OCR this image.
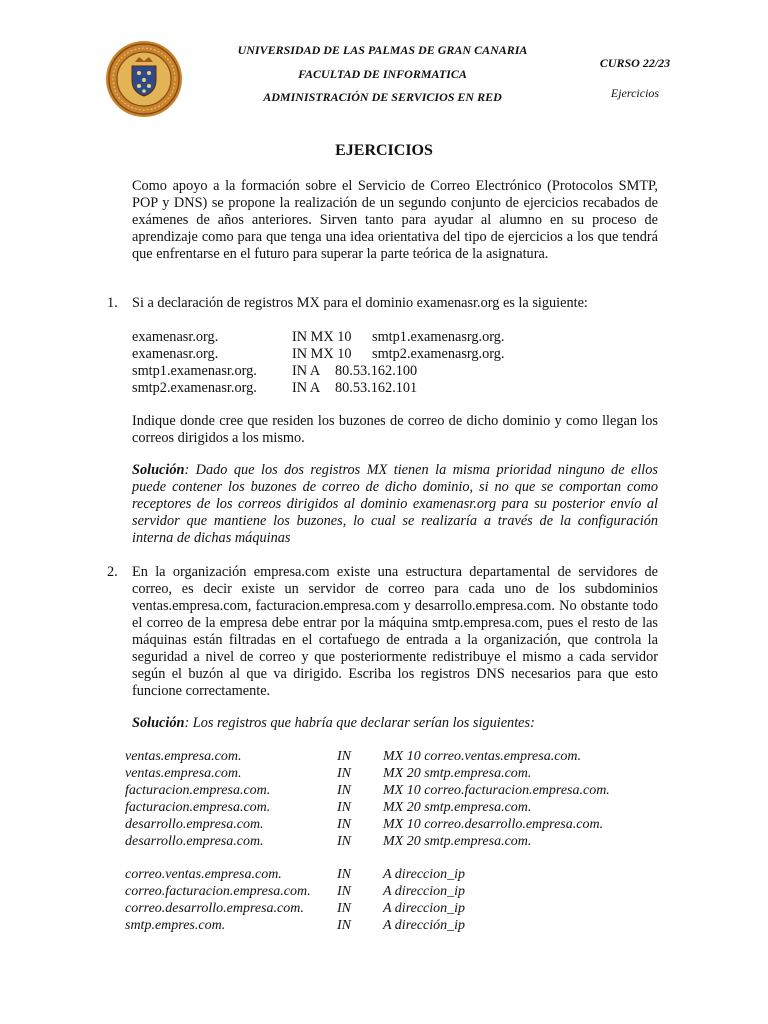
UNIVERSIDAD DE LAS PALMAS DE GRAN CANARIA
FACULTAD DE INFORMATICA
ADMINISTRACIÓN DE SERVICIOS EN RED
CURSO 22/23
Ejercicios
EJERCICIOS
Como apoyo a la formación sobre el Servicio de Correo Electrónico (Protocolos SMTP, POP y DNS) se propone la realización de un segundo conjunto de ejercicios recabados de exámenes de años anteriores. Sirven tanto para ayudar al alumno en su proceso de aprendizaje como para que tenga una idea orientativa del tipo de ejercicios a los que tendrá que enfrentarse en el futuro para superar la parte teórica de la asignatura.
1. Si a declaración de registros MX para el dominio examenasr.org es la siguiente:
examenasr.org.	IN MX 10 smtp1.examenasrg.org.
examenasr.org.	IN MX 10 smtp2.examenasrg.org.
smtp1.examenasr.org. IN A 80.53.162.100
smtp2.examenasr.org. IN A 80.53.162.101
Indique donde cree que residen los buzones de correo de dicho dominio y como llegan los correos dirigidos a los mismo.
Solución: Dado que los dos registros MX tienen la misma prioridad ninguno de ellos puede contener los buzones de correo de dicho dominio, si no que se comportan como receptores de los correos dirigidos al dominio examenasr.org para su posterior envío al servidor que mantiene los buzones, lo cual se realizaría a través de la configuración interna de dichas máquinas
2. En la organización empresa.com existe una estructura departamental de servidores de correo, es decir existe un servidor de correo para cada uno de los subdominios ventas.empresa.com, facturacion.empresa.com y desarrollo.empresa.com. No obstante todo el correo de la empresa debe entrar por la máquina smtp.empresa.com, pues el resto de las máquinas están filtradas en el cortafuego de entrada a la organización, que controla la seguridad a nivel de correo y que posteriormente redistribuye el mismo a cada servidor según el buzón al que va dirigido. Escriba los registros DNS necesarios para que esto funcione correctamente.
Solución: Los registros que habría que declarar serían los siguientes:
ventas.empresa.com.	IN MX 10 correo.ventas.empresa.com.
ventas.empresa.com.	IN MX 20 smtp.empresa.com.
facturacion.empresa.com.	IN MX 10 correo.facturacion.empresa.com.
facturacion.empresa.com.	IN MX 20 smtp.empresa.com.
desarrollo.empresa.com.	IN MX 10 correo.desarrollo.empresa.com.
desarrollo.empresa.com.	IN MX 20 smtp.empresa.com.
correo.ventas.empresa.com.	IN A direccion_ip
correo.facturacion.empresa.com. IN A direccion_ip
correo.desarrollo.empresa.com. IN A direccion_ip
smtp.empres.com.	IN A dirección_ip
